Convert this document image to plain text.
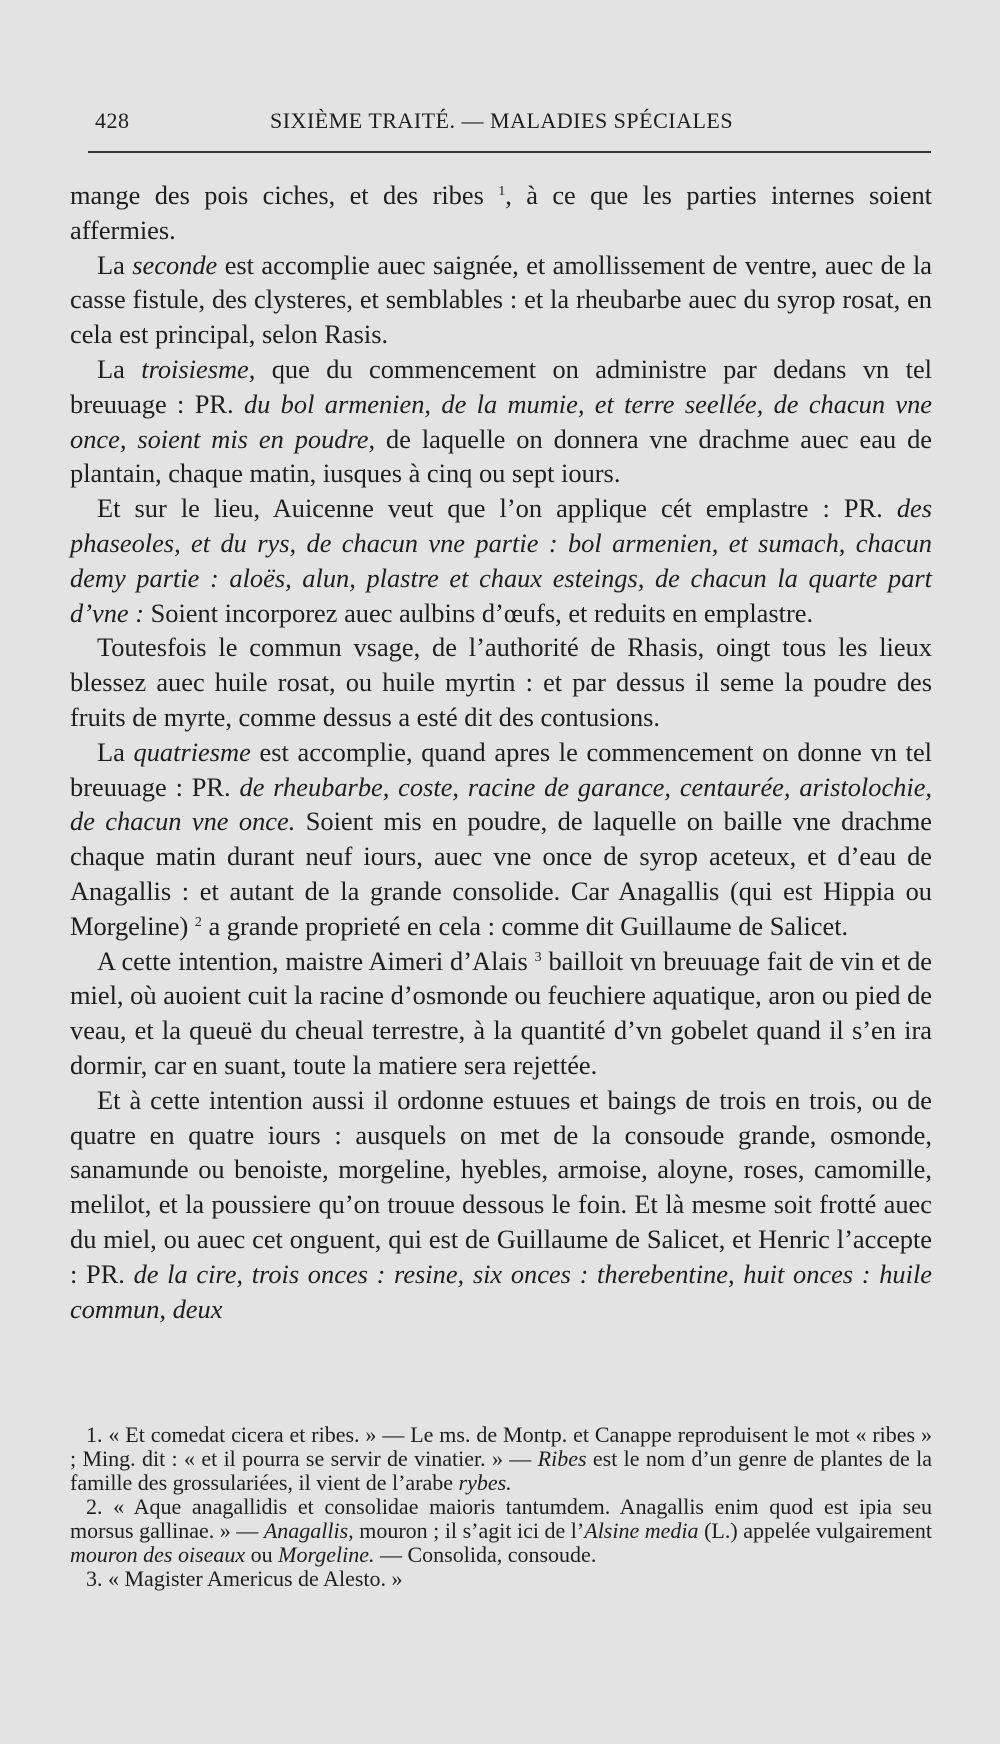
428	SIXIÈME TRAITÉ. — MALADIES SPÉCIALES

mange des pois ciches, et des ribes $^1$, à ce que les parties internes soient affermies.

La seconde est accomplie auec saignée, et amollissement de ventre, auec de la casse fistule, des clysteres, et semblables : et la rheubarbe auec du syrop rosat, en cela est principal, selon Rasis.

La troisiesme, que du commencement on administre par dedans vn tel breuuage : PR. du bol armenien, de la mumie, et terre seellée, de chacun vne once, soient mis en poudre, de laquelle on donnera vne drachme auec eau de plantain, chaque matin, iusques à cinq ou sept iours.

Et sur le lieu, Auicenne veut que l’on applique cét emplastre : PR. des phaseoles, et du rys, de chacun vne partie : bol armenien, et sumach, chacun demy partie : aloës, alun, plastre et chaux esteings, de chacun la quarte part d’vne : Soient incorporez auec aulbins d’œufs, et reduits en emplastre.

Toutesfois le commun vsage, de l’authorité de Rhasis, oingt tous les lieux blessez auec huile rosat, ou huile myrtin : et par dessus il seme la poudre des fruits de myrte, comme dessus a esté dit des contusions.

La quatriesme est accomplie, quand apres le commencement on donne vn tel breuuage : PR. de rheubarbe, coste, racine de garance, centaurée, aristolochie, de chacun vne once. Soient mis en poudre, de laquelle on baille vne drachme chaque matin durant neuf iours, auec vne once de syrop aceteux, et d’eau de Anagallis : et autant de la grande consolide. Car Anagallis (qui est Hippia ou Morgeline) $^2$ a grande proprieté en cela : comme dit Guillaume de Salicet.

A cette intention, maistre Aimeri d’Alais $^3$ bailloit vn breuuage fait de vin et de miel, où auoient cuit la racine d’osmonde ou feuchiere aquatique, aron ou pied de veau, et la queuë du cheual terrestre, à la quantité d’vn gobelet quand il s’en ira dormir, car en suant, toute la matiere sera rejettée.

Et à cette intention aussi il ordonne estuues et baings de trois en trois, ou de quatre en quatre iours : ausquels on met de la consoude grande, osmonde, sanamunde ou benoiste, morgeline, hyebles, armoise, aloyne, roses, camomille, melilot, et la poussiere qu’on trouue dessous le foin. Et là mesme soit frotté auec du miel, ou auec cet onguent, qui est de Guillaume de Salicet, et Henric l’accepte : PR. de la cire, trois onces : resine, six onces : therebentine, huit onces : huile commun, deux

1. « Et comedat cicera et ribes. » — Le ms. de Montp. et Canappe reproduisent le mot « ribes » ; Ming. dit : « et il pourra se servir de vinatier. » — Ribes est le nom d’un genre de plantes de la famille des grossulariées, il vient de l’arabe rybes.

2. « Aque anagallidis et consolidae maioris tantumdem. Anagallis enim quod est ipia seu morsus gallinae. » — Anagallis, mouron ; il s’agit ici de l’Alsine media (L.) appelée vulgairement mouron des oiseaux ou Morgeline. — Consolida, consoude.

3. « Magister Americus de Alesto. »
